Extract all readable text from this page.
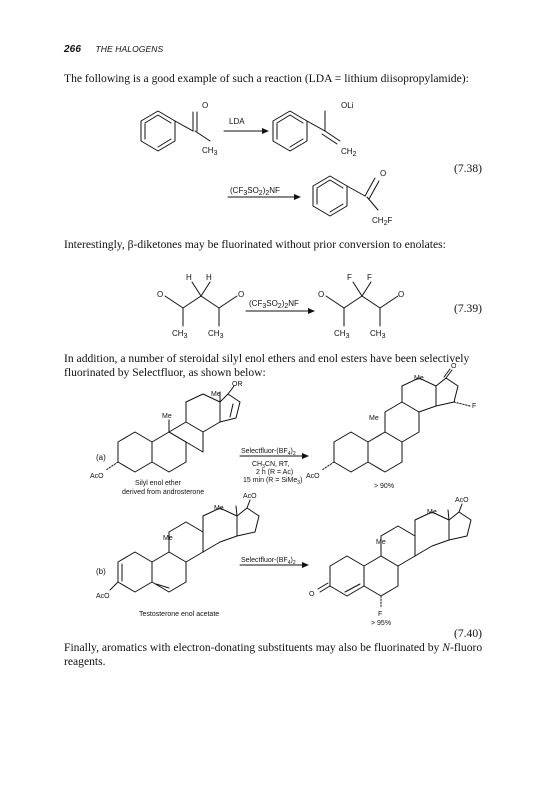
266 THE HALOGENS
The following is a good example of such a reaction (LDA = lithium diisopropylamide):
O
CH3
LDA
OLi
CH2
(CF3SO2)2NF
O
CH2F
(7.38)
Interestingly, β-diketones may be fluorinated without prior conversion to enolates:
H H
O	O
CH3	CH3
(CF3SO2)2NF
F F
O	O
CH3	CH3
(7.39)
In addition, a number of steroidal silyl enol ethers and enol esters have been selectively fluorinated by Selectfluor, as shown below:
Me
Me
OR
AcO
(a)
Silyl enol ether
derived from androsterone
Selectfluor-$(BF_4)_2$
$CH_3CN$, RT,
2 h (R = Ac)
15 min (R = SiMe$_3$)
Me
Me
O
F
AcO
> 90%
Me
Me
AcO
AcO
(b)
Testosterone enol acetate
Selectfluor-$(BF_4)_2$
Me
Me
AcO
O
F
> 95%
(7.40)
Finally, aromatics with electron-donating substituents may also be fluorinated by N-fluoro reagents.
